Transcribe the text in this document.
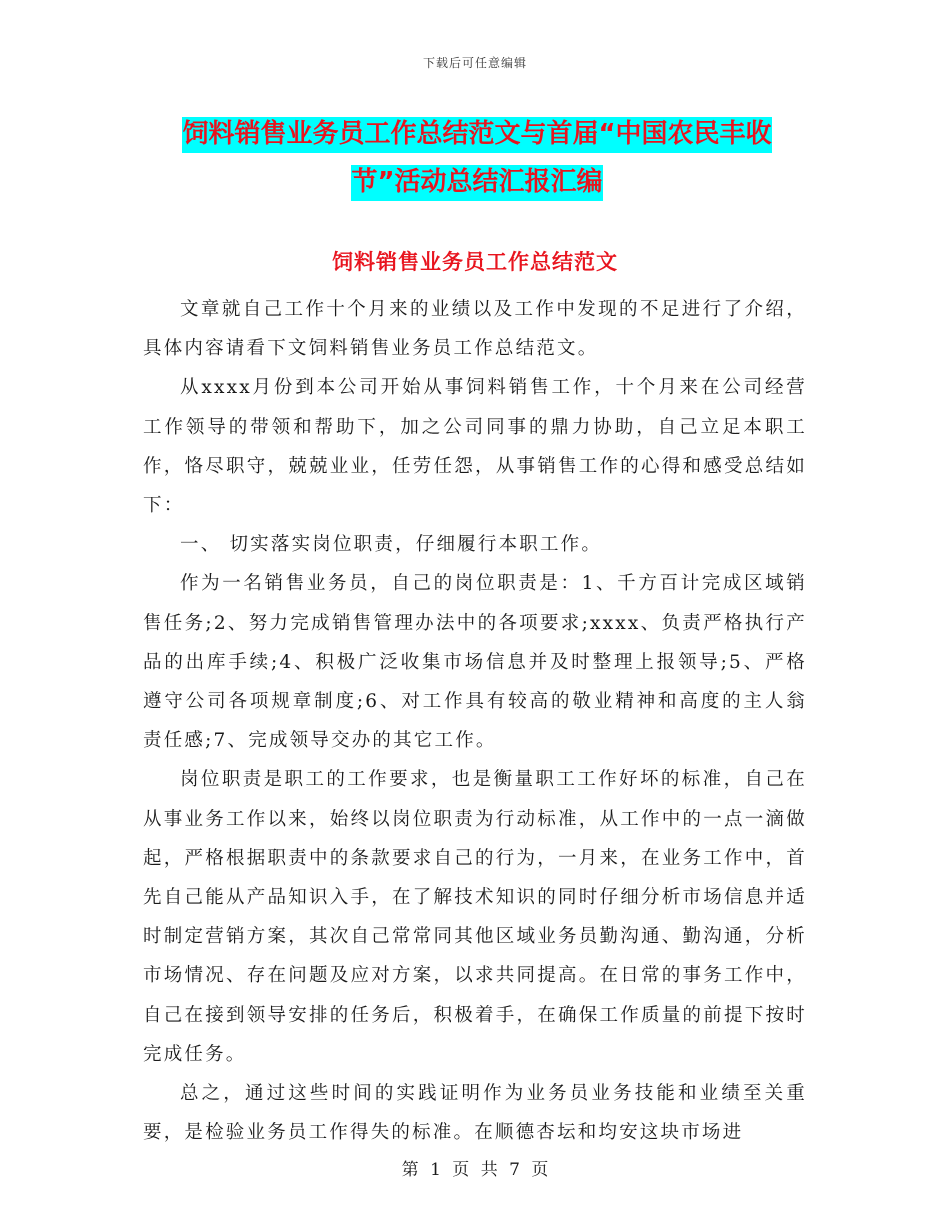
下载后可任意编辑
饲料销售业务员工作总结范文与首届“中国农民丰收
节”活动总结汇报汇编
饲料销售业务员工作总结范文

文章就自己工作十个月来的业绩以及工作中发现的不足进行了介绍，具体内容请看下文饲料销售业务员工作总结范文。

从xxxx月份到本公司开始从事饲料销售工作，十个月来在公司经营工作领导的带领和帮助下，加之公司同事的鼎力协助，自己立足本职工作，恪尽职守，兢兢业业，任劳任怨，从事销售工作的心得和感受总结如下：

一、 切实落实岗位职责，仔细履行本职工作。

作为一名销售业务员，自己的岗位职责是：1、千方百计完成区域销售任务;2、努力完成销售管理办法中的各项要求;xxxx、负责严格执行产品的出库手续;4、积极广泛收集市场信息并及时整理上报领导;5、严格遵守公司各项规章制度;6、对工作具有较高的敬业精神和高度的主人翁责任感;7、完成领导交办的其它工作。

岗位职责是职工的工作要求，也是衡量职工工作好坏的标准，自己在从事业务工作以来，始终以岗位职责为行动标准，从工作中的一点一滴做起，严格根据职责中的条款要求自己的行为，一月来，在业务工作中，首先自己能从产品知识入手，在了解技术知识的同时仔细分析市场信息并适时制定营销方案，其次自己常常同其他区域业务员勤沟通、勤沟通，分析市场情况、存在问题及应对方案，以求共同提高。在日常的事务工作中，自己在接到领导安排的任务后，积极着手，在确保工作质量的前提下按时完成任务。

总之，通过这些时间的实践证明作为业务员业务技能和业绩至关重要，是检验业务员工作得失的标准。在顺德杏坛和均安这块市场进

第 1 页 共 7 页
